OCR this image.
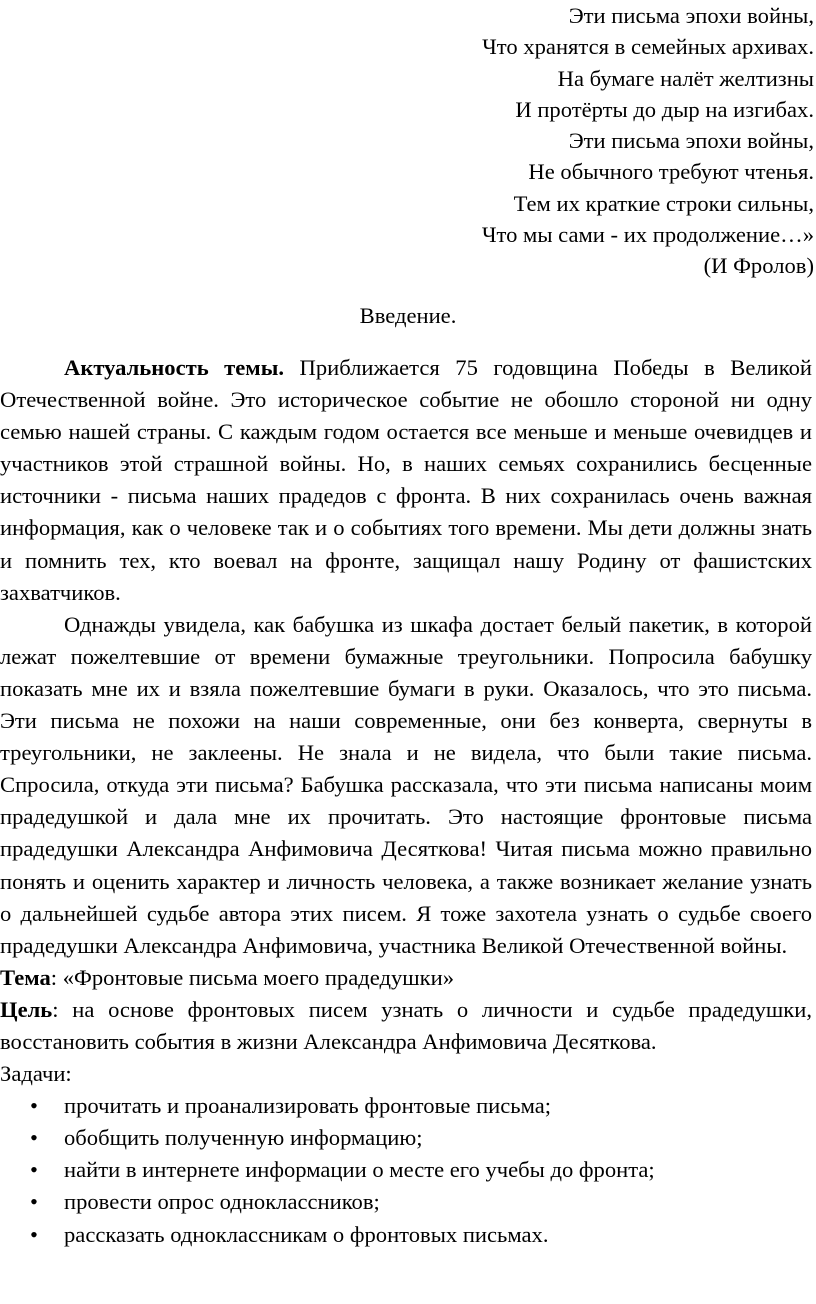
Эти письма эпохи войны,
Что хранятся в семейных архивах.
На бумаге налёт желтизны
И протёрты до дыр на изгибах.
Эти письма эпохи войны,
Не обычного требуют чтенья.
Тем их краткие строки сильны,
Что мы сами - их продолжение…»
(И Фролов)
Введение.

Актуальность темы. Приближается 75 годовщина Победы в Великой Отечественной войне. Это историческое событие не обошло стороной ни одну семью нашей страны. С каждым годом остается все меньше и меньше очевидцев и участников этой страшной войны. Но, в наших семьях сохранились бесценные источники - письма наших прадедов с фронта. В них сохранилась очень важная информация, как о человеке так и о событиях того времени. Мы дети должны знать и помнить тех, кто воевал на фронте, защищал нашу Родину от фашистских захватчиков.

Однажды увидела, как бабушка из шкафа достает белый пакетик, в которой лежат пожелтевшие от времени бумажные треугольники. Попросила бабушку показать мне их и взяла пожелтевшие бумаги в руки. Оказалось, что это письма. Эти письма не похожи на наши современные, они без конверта, свернуты в треугольники, не заклеены. Не знала и не видела, что были такие письма. Спросила, откуда эти письма? Бабушка рассказала, что эти письма написаны моим прадедушкой и дала мне их прочитать. Это настоящие фронтовые письма прадедушки Александра Анфимовича Десяткова! Читая письма можно правильно понять и оценить характер и личность человека, а также возникает желание узнать о дальнейшей судьбе автора этих писем. Я тоже захотела узнать о судьбе своего прадедушки Александра Анфимовича, участника Великой Отечественной войны.

Тема: «Фронтовые письма моего прадедушки»

Цель: на основе фронтовых писем узнать о личности и судьбе прадедушки, восстановить события в жизни Александра Анфимовича Десяткова.

Задачи:

• прочитать и проанализировать фронтовые письма;
• обобщить полученную информацию;
• найти в интернете информации о месте его учебы до фронта;
• провести опрос одноклассников;
• рассказать одноклассникам о фронтовых письмах.
